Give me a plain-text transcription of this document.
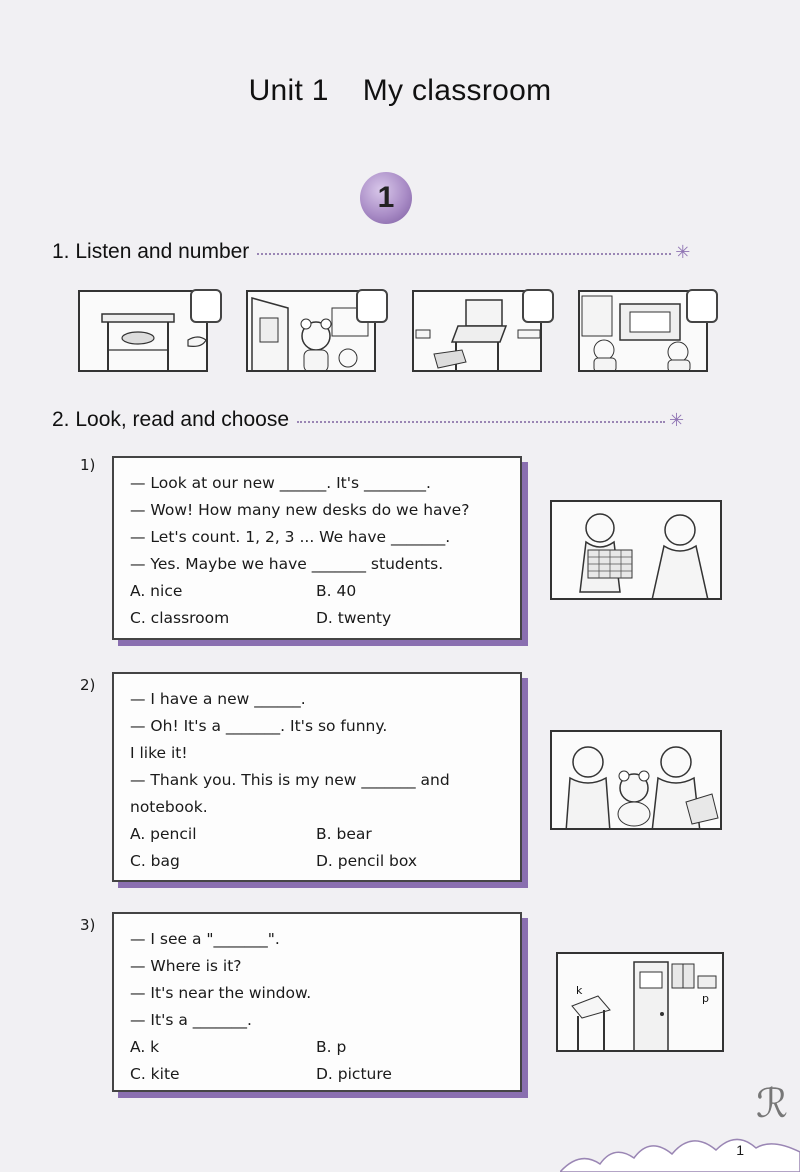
Unit 1 My classroom
1
1. Listen and number	✳
2. Look, read and choose	✳
1)
— Look at our new ______. It's ________.
— Wow! How many new desks do we have?
— Let's count. 1, 2, 3 ... We have _______.
— Yes. Maybe we have _______ students.
A. nice	B. 40
C. classroom	D. twenty
2)
— I have a new ______.
— Oh! It's a _______. It's so funny.
I like it!
— Thank you. This is my new _______ and
notebook.
A. pencil	B. bear
C. bag	D. pencil box
3)
— I see a "_______".
— Where is it?
— It's near the window.
— It's a _______.
A. k	B. p
C. kite	D. picture
k
p
ℛ
1
